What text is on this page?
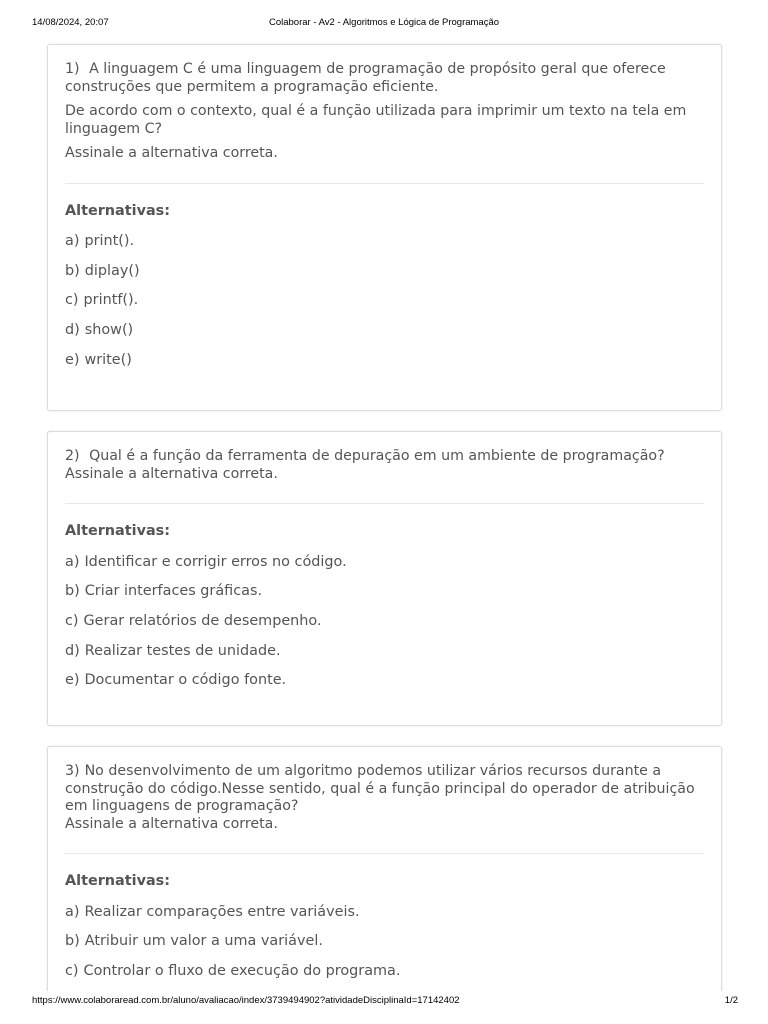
14/08/2024, 20:07	Colaborar - Av2 - Algoritmos e Lógica de Programação

1) A linguagem C é uma linguagem de programação de propósito geral que oferece construções que permitem a programação eficiente.

De acordo com o contexto, qual é a função utilizada para imprimir um texto na tela em linguagem C?

Assinale a alternativa correta.

Alternativas:

a) print().
b) diplay()
c) printf().
d) show()
e) write()

2) Qual é a função da ferramenta de depuração em um ambiente de programação? Assinale a alternativa correta.

Alternativas:

a) Identificar e corrigir erros no código.
b) Criar interfaces gráficas.
c) Gerar relatórios de desempenho.
d) Realizar testes de unidade.
e) Documentar o código fonte.

3) No desenvolvimento de um algoritmo podemos utilizar vários recursos durante a construção do código.Nesse sentido, qual é a função principal do operador de atribuição em linguagens de programação?
Assinale a alternativa correta.

Alternativas:

a) Realizar comparações entre variáveis.
b) Atribuir um valor a uma variável.
c) Controlar o fluxo de execução do programa.
https://www.colaboraread.com.br/aluno/avaliacao/index/3739494902?atividadeDisciplinaId=17142402	1/2
